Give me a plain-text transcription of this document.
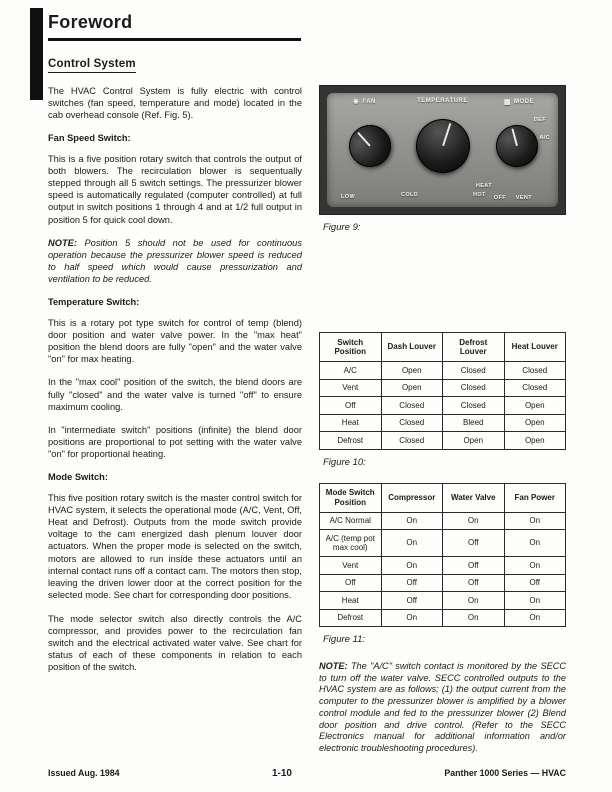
Foreword
Control System

The HVAC Control System is fully electric with control switches (fan speed, temperature and mode) located in the cab overhead console (Ref. Fig. 5).

Fan Speed Switch:

This is a five position rotary switch that controls the output of both blowers. The recirculation blower is sequentually stepped through all 5 switch settings. The pressurizer blower speed is automatically regulated (computer controlled) at full output in switch positions 1 through 4 and at 1/2 full output in position 5 for quick cool down.

NOTE: Position 5 should not be used for continuous operation because the pressurizer blower speed is reduced to half speed which would cause pressurization and ventilation to be reduced.

Temperature Switch:

This is a rotary pot type switch for control of temp (blend) door position and water valve power. In the "max heat" position the blend doors are fully "open" and the water valve "on" for max heating.

In the "max cool" position of the switch, the blend doors are fully "closed" and the water valve is turned "off" to ensure maximum cooling.

In "intermediate switch" positions (infinite) the blend door positions are proportional to pot setting with the water valve "on" for proportional heating.

Mode Switch:

This five position rotary switch is the master control switch for HVAC system, it selects the operational mode (A/C, Vent, Off, Heat and Defrost). Outputs from the mode switch provide voltage to the cam energized dash plenum louver door actuators. When the proper mode is selected on the switch, motors are allowed to run inside these actuators until an internal contact runs off a contact cam. The motors then stop, leaving the driven lower door at the correct position for the selected mode. See chart for corresponding door positions.

The mode selector switch also directly controls the A/C compressor, and provides power to the recirculation fan switch and the electrical activated water valve. See chart for status of each of these components in relation to each position of the switch.

❋ FAN	TEMPERATURE	▦ MODE
LOW	COLD	HOT
HEAT
OFF VENT
A/C
DEF
Figure 9:
Switch Position	Dash Louver	Defrost Louver	Heat Louver
A/C	Open	Closed	Closed
Vent	Open	Closed	Closed
Off	Closed	Closed	Open
Heat	Closed	Bleed	Open
Defrost	Closed	Open	Open
Figure 10:
Mode Switch Position	Compressor	Water Valve	Fan Power
A/C Normal	On	On	On
A/C (temp pot max cool)	On	Off	On
Vent	On	Off	On
Off	Off	Off	Off
Heat	Off	On	On
Defrost	On	On	On
Figure 11:

NOTE: The "A/C" switch contact is monitored by the SECC to turn off the water valve. SECC controlled outputs to the HVAC system are as follows; (1) the output current from the computer to the pressurizer blower is amplified by a blower control module and fed to the pressurizer blower (2) Blend door position and drive control. (Refer to the SECC Electronics manual for additional information and/or electronic troubleshooting procedures).

Issued Aug. 1984	1-10	Panther 1000 Series — HVAC
